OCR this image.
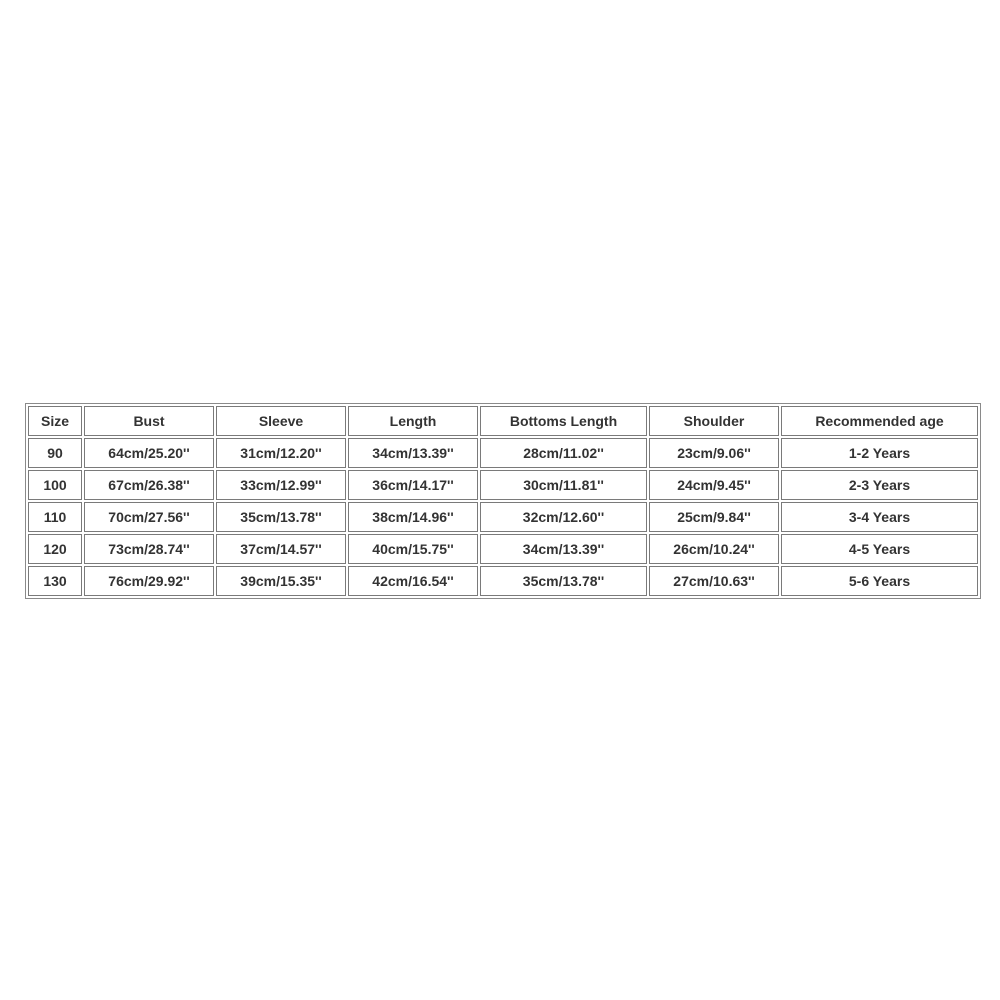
Size	Bust	Sleeve	Length	Bottoms Length	Shoulder	Recommended age
90	64cm/25.20''	31cm/12.20''	34cm/13.39''	28cm/11.02''	23cm/9.06''	1-2 Years
100	67cm/26.38''	33cm/12.99''	36cm/14.17''	30cm/11.81''	24cm/9.45''	2-3 Years
110	70cm/27.56''	35cm/13.78''	38cm/14.96''	32cm/12.60''	25cm/9.84''	3-4 Years
120	73cm/28.74''	37cm/14.57''	40cm/15.75''	34cm/13.39''	26cm/10.24''	4-5 Years
130	76cm/29.92''	39cm/15.35''	42cm/16.54''	35cm/13.78''	27cm/10.63''	5-6 Years
